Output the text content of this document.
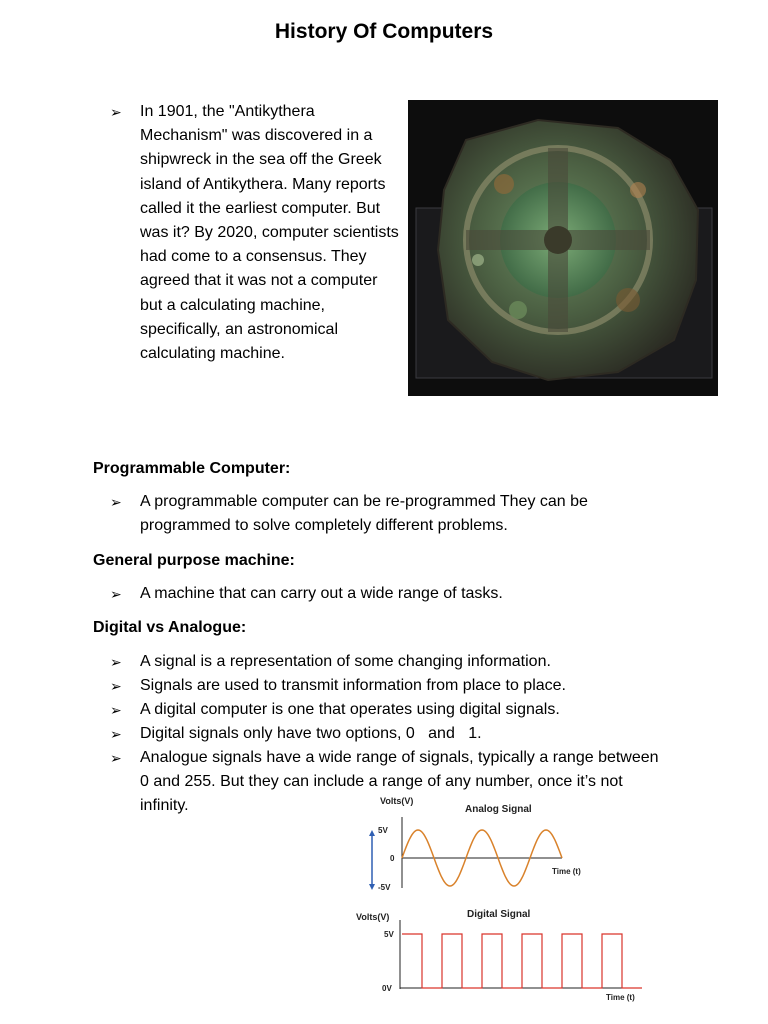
History Of Computers
➢	In 1901, the "Antikythera Mechanism" was discovered in a shipwreck in the sea off the Greek island of Antikythera. Many reports called it the earliest computer. But was it? By 2020, computer scientists had come to a consensus. They agreed that it was not a computer but a calculating machine, specifically, an astronomical calculating machine.
Programmable Computer:
➢	A programmable computer can be re-programmed They can be programmed to solve completely different problems.
General purpose machine:
➢	A machine that can carry out a wide range of tasks.
Digital vs Analogue:
➢	A signal is a representation of some changing information.
➢	Signals are used to transmit information from place to place.
➢	A digital computer is one that operates using digital signals.
➢	Digital signals only have two options, 0   and   1.
➢	Analogue signals have a wide range of signals, typically a range between 0 and 255. But they can include a range of any number, once it’s not infinity.	Volts(V)
Analog Signal
5V
0
-5V
Time (t)
Volts(V)	Digital Signal
5V
0V
Time (t)
